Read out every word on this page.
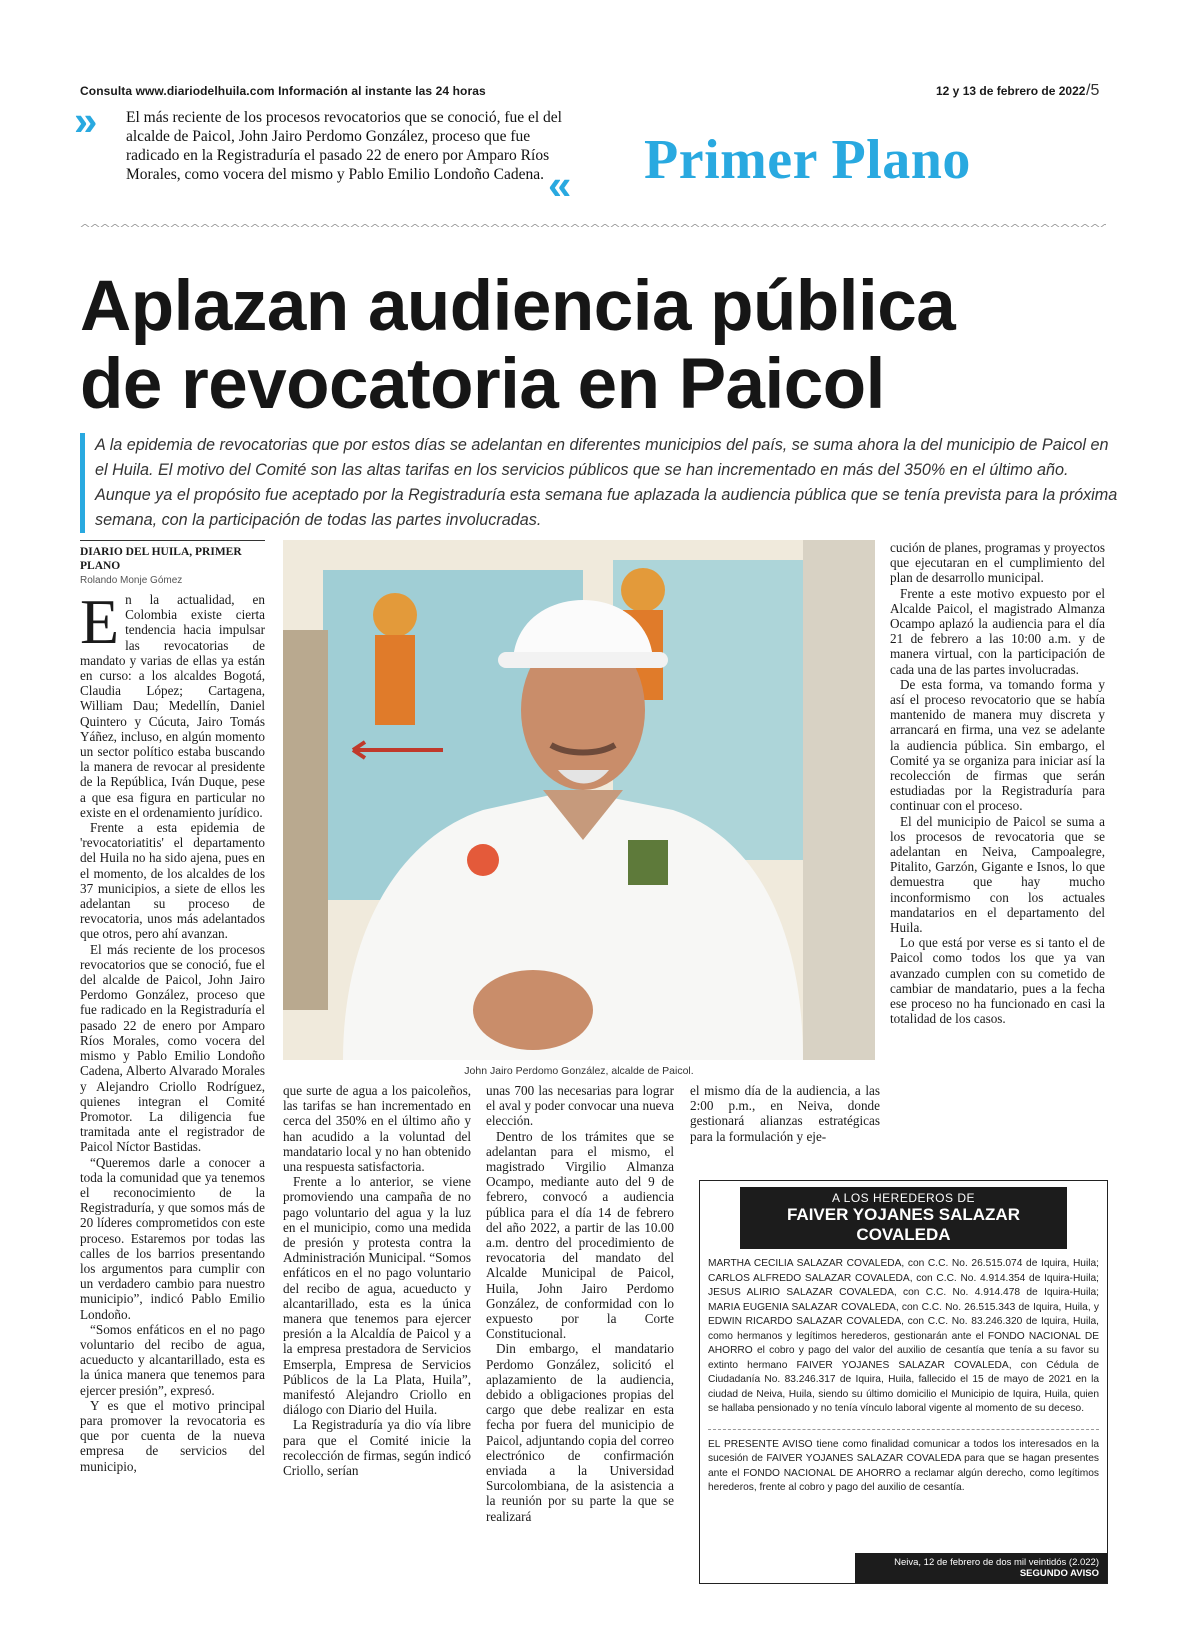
Consulta www.diariodelhuila.com Información al instante las 24 horas	12 y 13 de febrero de 2022 /5
» El más reciente de los procesos revocatorios que se conoció, fue el del alcalde de Paicol, John Jairo Perdomo González, proceso que fue radicado en la Registraduría el pasado 22 de enero por Amparo Ríos Morales, como vocera del mismo y Pablo Emilio Londoño Cadena. « Primer Plano
Aplazan audiencia pública
de revocatoria en Paicol
A la epidemia de revocatorias que por estos días se adelantan en diferentes municipios del país, se suma ahora la del municipio de Paicol en el Huila. El motivo del Comité son las altas tarifas en los servicios públicos que se han incrementado en más del 350% en el último año. Aunque ya el propósito fue aceptado por la Registraduría esta semana fue aplazada la audiencia pública que se tenía prevista para la próxima semana, con la participación de todas las partes involucradas.
DIARIO DEL HUILA, PRIMER PLANO
Rolando Monje Gómez

En la actualidad, en Colombia existe cierta tendencia hacia impulsar las revocatorias de mandato y varias de ellas ya están en curso: a los alcaldes Bogotá, Claudia López; Cartagena, William Dau; Medellín, Daniel Quintero y Cúcuta, Jairo Tomás Yáñez, incluso, en algún momento un sector político estaba buscando la manera de revocar al presidente de la República, Iván Duque, pese a que esa figura en particular no existe en el ordenamiento jurídico.

Frente a esta epidemia de 'revocatoriatitis' el departamento del Huila no ha sido ajena, pues en el momento, de los alcaldes de los 37 municipios, a siete de ellos les adelantan su proceso de revocatoria, unos más adelantados que otros, pero ahí avanzan.

El más reciente de los procesos revocatorios que se conoció, fue el del alcalde de Paicol, John Jairo Perdomo González, proceso que fue radicado en la Registraduría el pasado 22 de enero por Amparo Ríos Morales, como vocera del mismo y Pablo Emilio Londoño Cadena, Alberto Alvarado Morales y Alejandro Criollo Rodríguez, quienes integran el Comité Promotor. La diligencia fue tramitada ante el registrador de Paicol Níctor Bastidas.

“Queremos darle a conocer a toda la comunidad que ya tenemos el reconocimiento de la Registraduría, y que somos más de 20 líderes comprometidos con este proceso. Estaremos por todas las calles de los barrios presentando los argumentos para cumplir con un verdadero cambio para nuestro municipio”, indicó Pablo Emilio Londoño.

“Somos enfáticos en el no pago voluntario del recibo de agua, acueducto y alcantarillado, esta es la única manera que tenemos para ejercer presión”, expresó.

Y es que el motivo principal para promover la revocatoria es que por cuenta de la nueva empresa de servicios del municipio,

John Jairo Perdomo González, alcalde de Paicol.

que surte de agua a los paicoleños, las tarifas se han incrementado en cerca del 350% en el último año y han acudido a la voluntad del mandatario local y no han obtenido una respuesta satisfactoria.

Frente a lo anterior, se viene promoviendo una campaña de no pago voluntario del agua y la luz en el municipio, como una medida de presión y protesta contra la Administración Municipal. “Somos enfáticos en el no pago voluntario del recibo de agua, acueducto y alcantarillado, esta es la única manera que tenemos para ejercer presión a la Alcaldía de Paicol y a la empresa prestadora de Servicios Emserpla, Empresa de Servicios Públicos de la La Plata, Huila”, manifestó Alejandro Criollo en diálogo con Diario del Huila.

La Registraduría ya dio vía libre para que el Comité inicie la recolección de firmas, según indicó Criollo, serían

unas 700 las necesarias para lograr el aval y poder convocar una nueva elección.

Dentro de los trámites que se adelantan para el mismo, el magistrado Virgilio Almanza Ocampo, mediante auto del 9 de febrero, convocó a audiencia pública para el día 14 de febrero del año 2022, a partir de las 10.00 a.m. dentro del procedimiento de revocatoria del mandato del Alcalde Municipal de Paicol, Huila, John Jairo Perdomo González, de conformidad con lo expuesto por la Corte Constitucional.

Din embargo, el mandatario Perdomo González, solicitó el aplazamiento de la audiencia, debido a obligaciones propias del cargo que debe realizar en esta fecha por fuera del municipio de Paicol, adjuntando copia del correo electrónico de confirmación enviada a la Universidad Surcolombiana, de la asistencia a la reunión por su parte la que se realizará

el mismo día de la audiencia, a las 2:00 p.m., en Neiva, donde gestionará alianzas estratégicas para la formulación y eje-

cución de planes, programas y proyectos que ejecutaran en el cumplimiento del plan de desarrollo municipal.

Frente a este motivo expuesto por el Alcalde Paicol, el magistrado Almanza Ocampo aplazó la audiencia para el día 21 de febrero a las 10:00 a.m. y de manera virtual, con la participación de cada una de las partes involucradas.

De esta forma, va tomando forma y así el proceso revocatorio que se había mantenido de manera muy discreta y arrancará en firma, una vez se adelante la audiencia pública. Sin embargo, el Comité ya se organiza para iniciar así la recolección de firmas que serán estudiadas por la Registraduría para continuar con el proceso.

El del municipio de Paicol se suma a los procesos de revocatoria que se adelantan en Neiva, Campoalegre, Pitalito, Garzón, Gigante e Isnos, lo que demuestra que hay mucho inconformismo con los actuales mandatarios en el departamento del Huila.

Lo que está por verse es si tanto el de Paicol como todos los que ya van avanzado cumplen con su cometido de cambiar de mandatario, pues a la fecha ese proceso no ha funcionado en casi la totalidad de los casos.

A LOS HEREDEROS DE
FAIVER YOJANES SALAZAR COVALEDA
MARTHA CECILIA SALAZAR COVALEDA, con C.C. No. 26.515.074 de Iquira, Huila; CARLOS ALFREDO SALAZAR COVALEDA, con C.C. No. 4.914.354 de Iquira-Huila; JESUS ALIRIO SALAZAR COVALEDA, con C.C. No. 4.914.478 de Iquira-Huila; MARIA EUGENIA SALAZAR COVALEDA, con C.C. No. 26.515.343 de Iquira, Huila, y EDWIN RICARDO SALAZAR COVALEDA, con C.C. No. 83.246.320 de Iquira, Huila, como hermanos y legítimos herederos, gestionarán ante el FONDO NACIONAL DE AHORRO el cobro y pago del valor del auxilio de cesantía que tenía a su favor su extinto hermano FAIVER YOJANES SALAZAR COVALEDA, con Cédula de Ciudadanía No. 83.246.317 de Iquira, Huila, fallecido el 15 de mayo de 2021 en la ciudad de Neiva, Huila, siendo su último domicilio el Municipio de Iquira, Huila, quien se hallaba pensionado y no tenía vínculo laboral vigente al momento de su deceso.
EL PRESENTE AVISO tiene como finalidad comunicar a todos los interesados en la sucesión de FAIVER YOJANES SALAZAR COVALEDA para que se hagan presentes ante el FONDO NACIONAL DE AHORRO a reclamar algún derecho, como legítimos herederos, frente al cobro y pago del auxilio de cesantía.
Neiva, 12 de febrero de dos mil veintidós (2.022)
SEGUNDO AVISO
